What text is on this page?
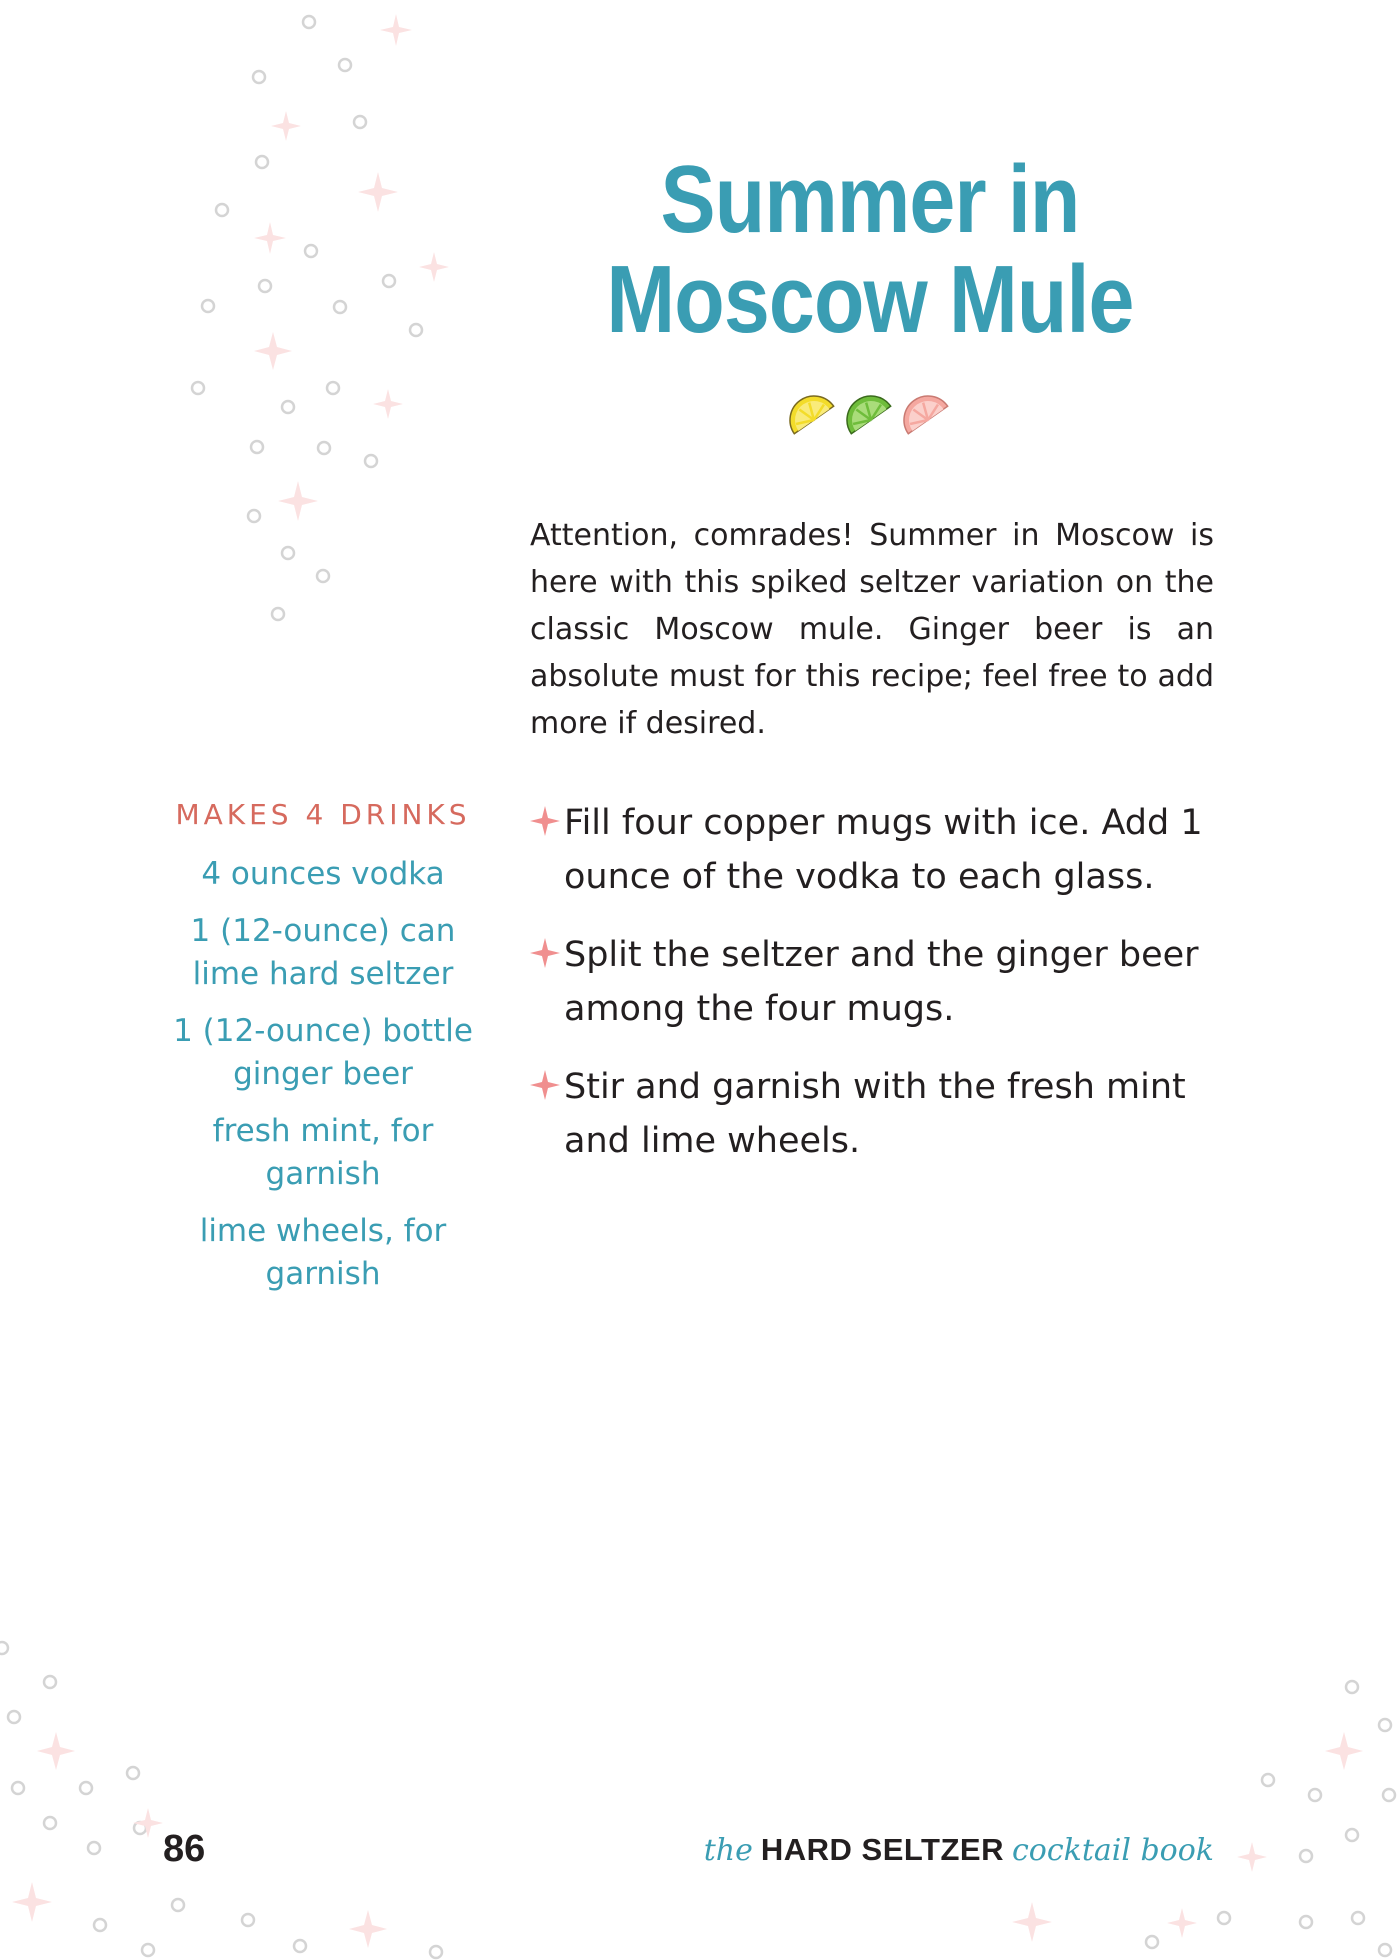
Summer in
Moscow Mule

Attention, comrades! Summer in Moscow is here with this spiked seltzer variation on the classic Moscow mule. Ginger beer is an absolute must for this recipe; feel free to add more if desired.

MAKES 4 DRINKS

4 ounces vodka
1 (12-ounce) can lime hard seltzer
1 (12-ounce) bottle ginger beer
fresh mint, for garnish
lime wheels, for garnish
Fill four copper mugs with ice. Add 1 ounce of the vodka to each glass.
Split the seltzer and the ginger beer among the four mugs.
Stir and garnish with the fresh mint and lime wheels.
86	the HARD SELTZER cocktail book
